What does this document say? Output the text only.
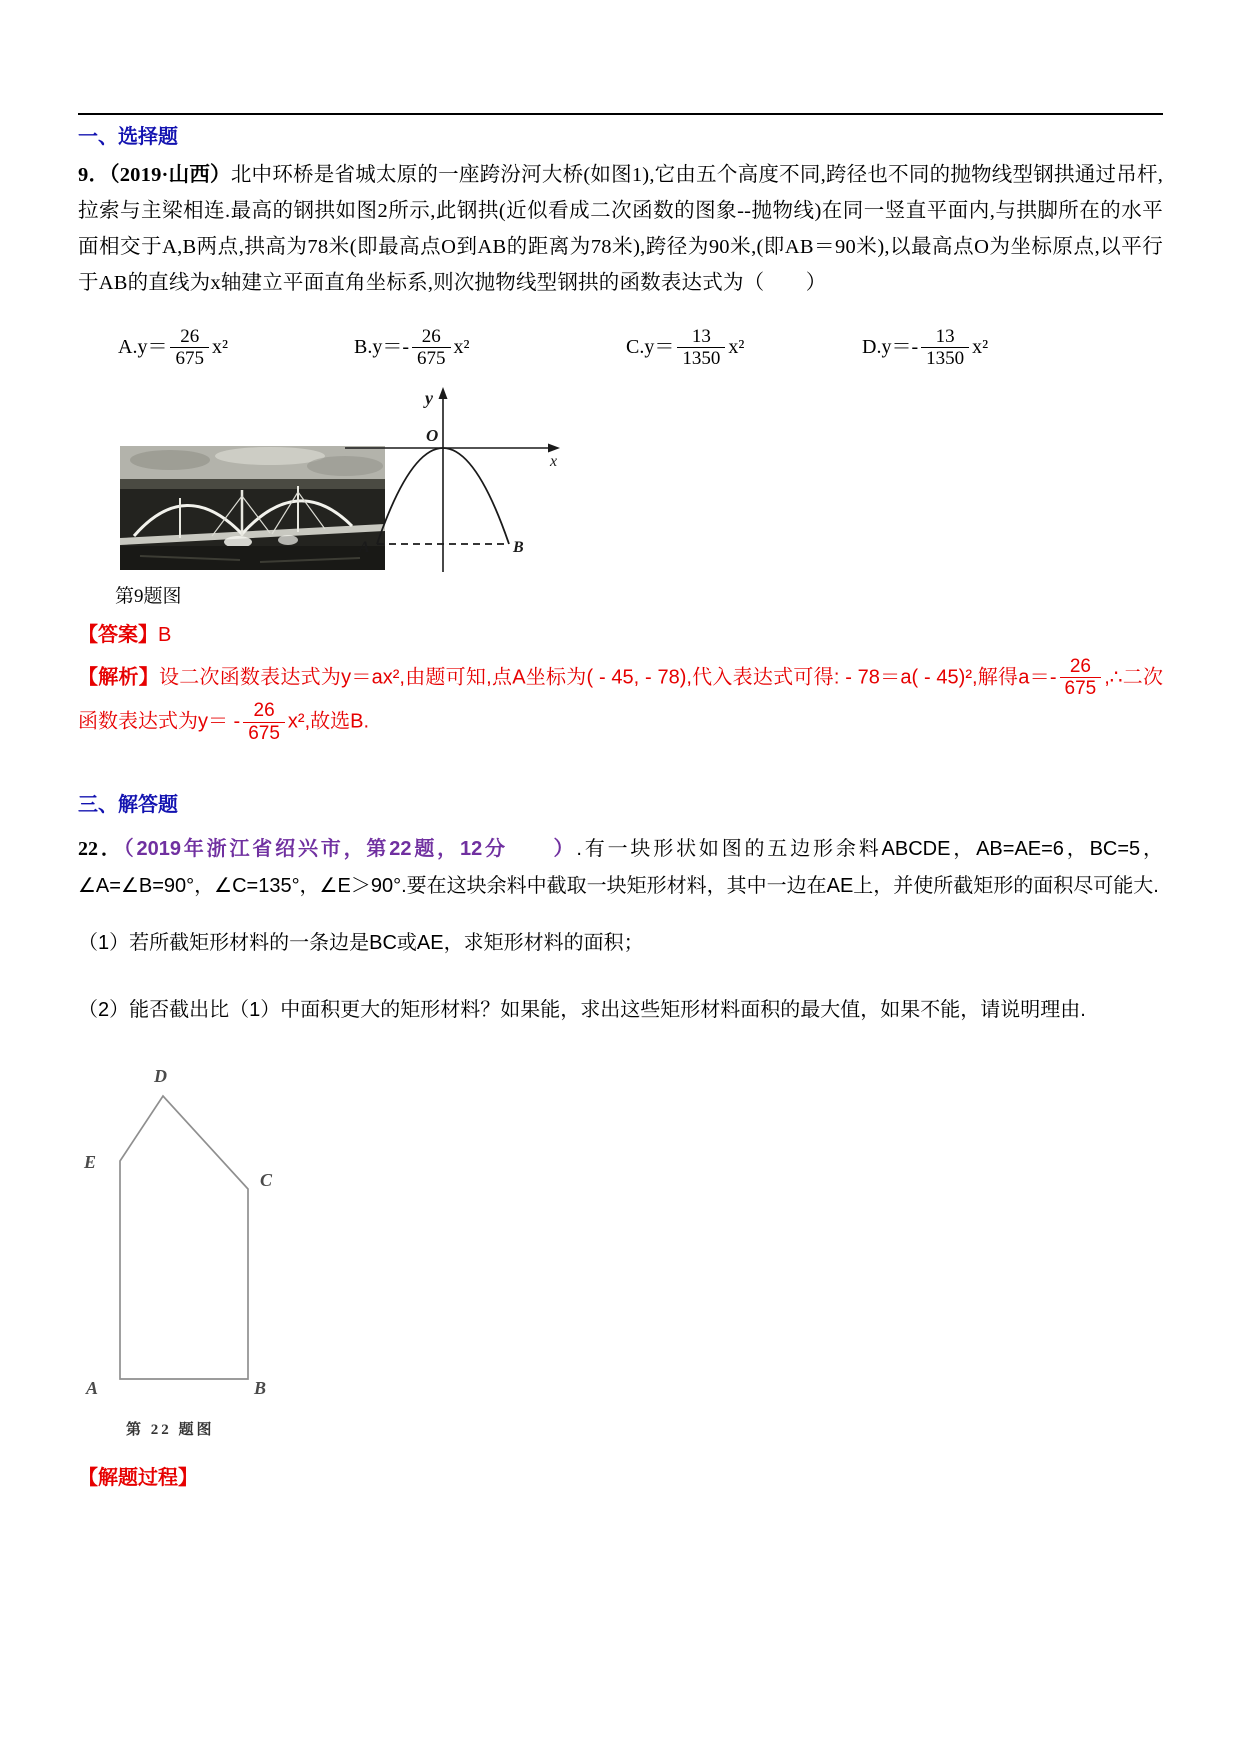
一、选择题

9．（2019·山西）北中环桥是省城太原的一座跨汾河大桥(如图1),它由五个高度不同,跨径也不同的抛物线型钢拱通过吊杆,拉索与主梁相连.最高的钢拱如图2所示,此钢拱(近似看成二次函数的图象--抛物线)在同一竖直平面内,与拱脚所在的水平面相交于A,B两点,拱高为78米(即最高点O到AB的距离为78米),跨径为90米,(即AB＝90米),以最高点O为坐标原点,以平行于AB的直线为x轴建立平面直角坐标系,则次抛物线型钢拱的函数表达式为（　　）

$A.y= \frac{26}{675} x^2$	$B.y=- \frac{26}{675} x^2$	$C.y= \frac{13}{1350} x^2$	$D.y=- \frac{13}{1350} x^2$
y
O
x
A	B
第9题图
【答案】B

【解析】设二次函数表达式为y＝ax²,由题可知,点A坐标为( - 45, - 78),代入表达式可得: - 78＝a( - 45)²,解得$a=- \frac{26}{675}$ ,∴二次函数表达式为$y= - \frac{26}{675} x^2$,故选B.

三、解答题

22．（2019年浙江省绍兴市，第22题，12分　　）.有一块形状如图的五边形余料ABCDE，AB=AE=6，BC=5，∠A=∠B=90°，∠C=135°，∠E＞90°.要在这块余料中截取一块矩形材料，其中一边在AE上，并使所截矩形的面积尽可能大.

（1）若所截矩形材料的一条边是BC或AE，求矩形材料的面积；

（2）能否截出比（1）中面积更大的矩形材料？如果能，求出这些矩形材料面积的最大值，如果不能，请说明理由.

D
E
C
A	B
第 22 题图
【解题过程】
